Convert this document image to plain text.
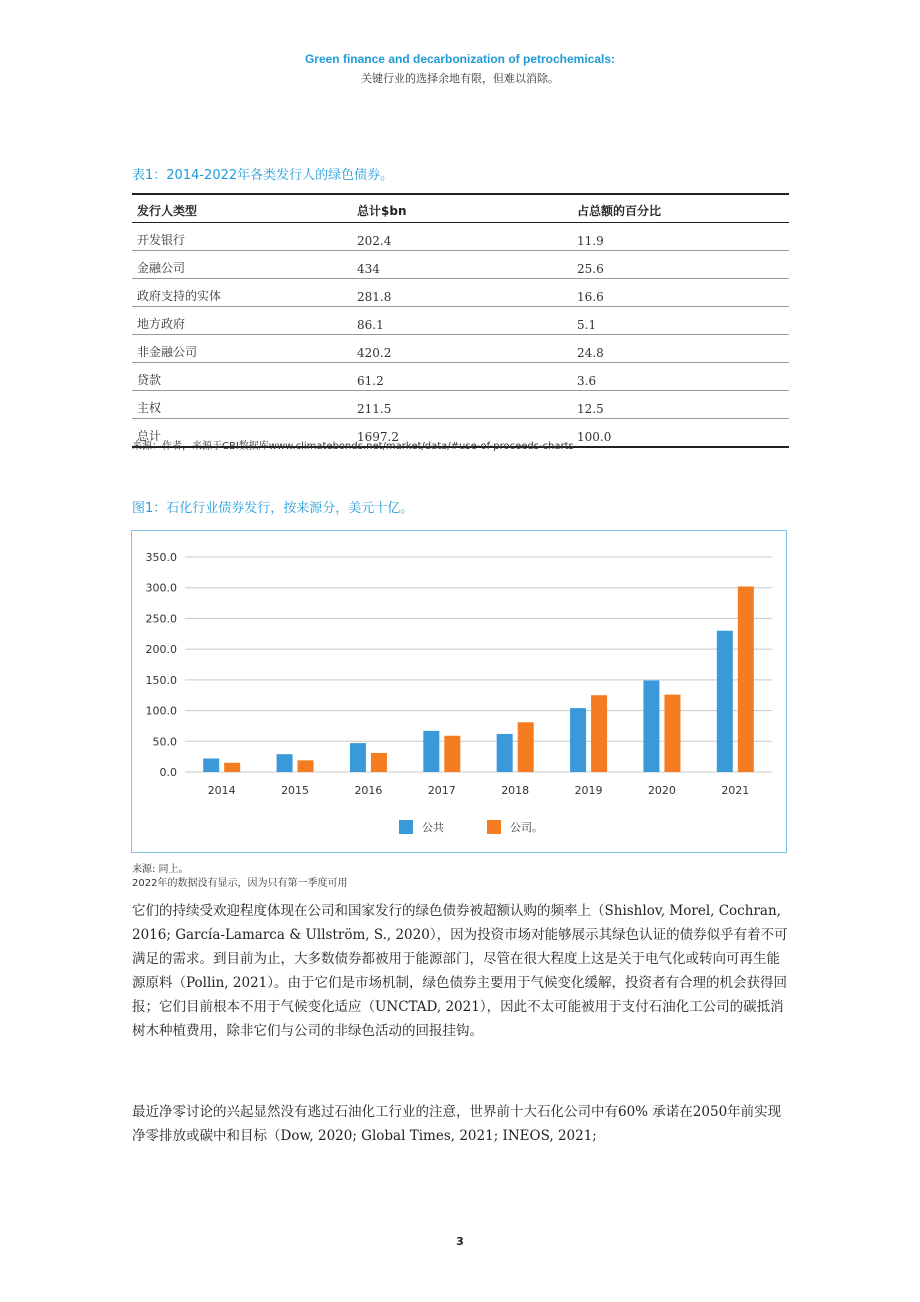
Green finance and decarbonization of petrochemicals:
关键行业的选择余地有限，但难以消除。
表1：2014-2022年各类发行人的绿色债券。
发行人类型	总计$bn	占总额的百分比
开发银行	202.4	11.9
金融公司	434	25.6
政府支持的实体	281.8	16.6
地方政府	86.1	5.1
非金融公司	420.2	24.8
贷款	61.2	3.6
主权	211.5	12.5
总计	1697.2	100.0
来源：作者，来源于CBI数据库www.climatebonds.net/market/data/#use-of-proceeds-charts
图1：石化行业债券发行，按来源分，美元十亿。
0.0
50.0
100.0
150.0
200.0
250.0
300.0
350.0
2014	2015	2016	2017	2018	2019	2020	2021
公共	公司。
来源: 同上。
2022年的数据没有显示，因为只有第一季度可用
它们的持续受欢迎程度体现在公司和国家发行的绿色债券被超额认购的频率上（Shishlov, Morel, Cochran, 2016; García-Lamarca & Ullström, S., 2020），因为投资市场对能够展示其绿色认证的债券似乎有着不可满足的需求。到目前为止，大多数债券都被用于能源部门，尽管在很大程度上这是关于电气化或转向可再生能源原料（Pollin, 2021）。由于它们是市场机制，绿色债券主要用于气候变化缓解，投资者有合理的机会获得回报；它们目前根本不用于气候变化适应（UNCTAD, 2021），因此不太可能被用于支付石油化工公司的碳抵消树木种植费用，除非它们与公司的非绿色活动的回报挂钩。
最近净零讨论的兴起显然没有逃过石油化工行业的注意，世界前十大石化公司中有60% 承诺在2050年前实现净零排放或碳中和目标（Dow, 2020; Global Times, 2021; INEOS, 2021;
3
